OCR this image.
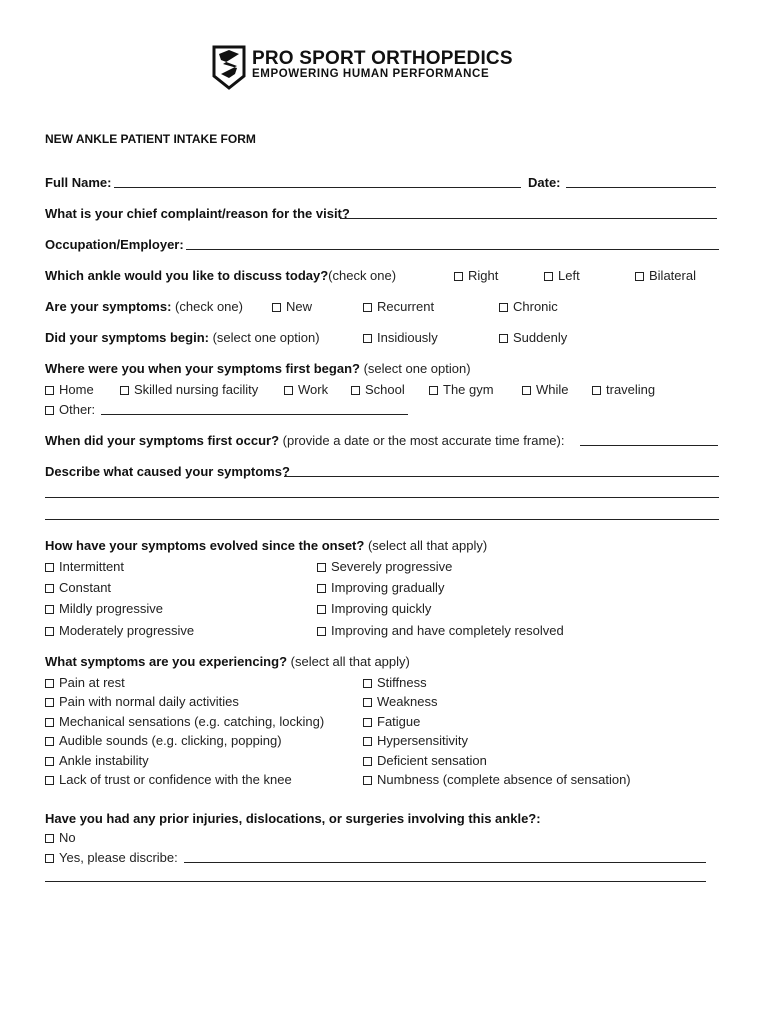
PRO SPORT ORTHOPEDICS
EMPOWERING HUMAN PERFORMANCE
NEW ANKLE PATIENT INTAKE FORM
Full Name:	Date:
What is your chief complaint/reason for the visit?
Occupation/Employer:
Which ankle would you like to discuss today?(check one)	Right	Left	Bilateral
Are your symptoms: (check one)	New	Recurrent	Chronic
Did your symptoms begin: (select one option)	Insidiously	Suddenly
Where were you when your symptoms first began? (select one option)
Home	Skilled nursing facility	Work	School	The gym	While	traveling
Other:
When did your symptoms first occur? (provide a date or the most accurate time frame):
Describe what caused your symptoms?
How have your symptoms evolved since the onset? (select all that apply)
Intermittent
Constant
Mildly progressive
Moderately progressive
Severely progressive
Improving gradually
Improving quickly
Improving and have completely resolved
What symptoms are you experiencing? (select all that apply)
Pain at rest
Pain with normal daily activities
Mechanical sensations (e.g. catching, locking)
Audible sounds (e.g. clicking, popping)
Ankle instability
Lack of trust or confidence with the knee
Stiffness
Weakness
Fatigue
Hypersensitivity
Deficient sensation
Numbness (complete absence of sensation)
Have you had any prior injuries, dislocations, or surgeries involving this ankle?:
No
Yes, please discribe:
